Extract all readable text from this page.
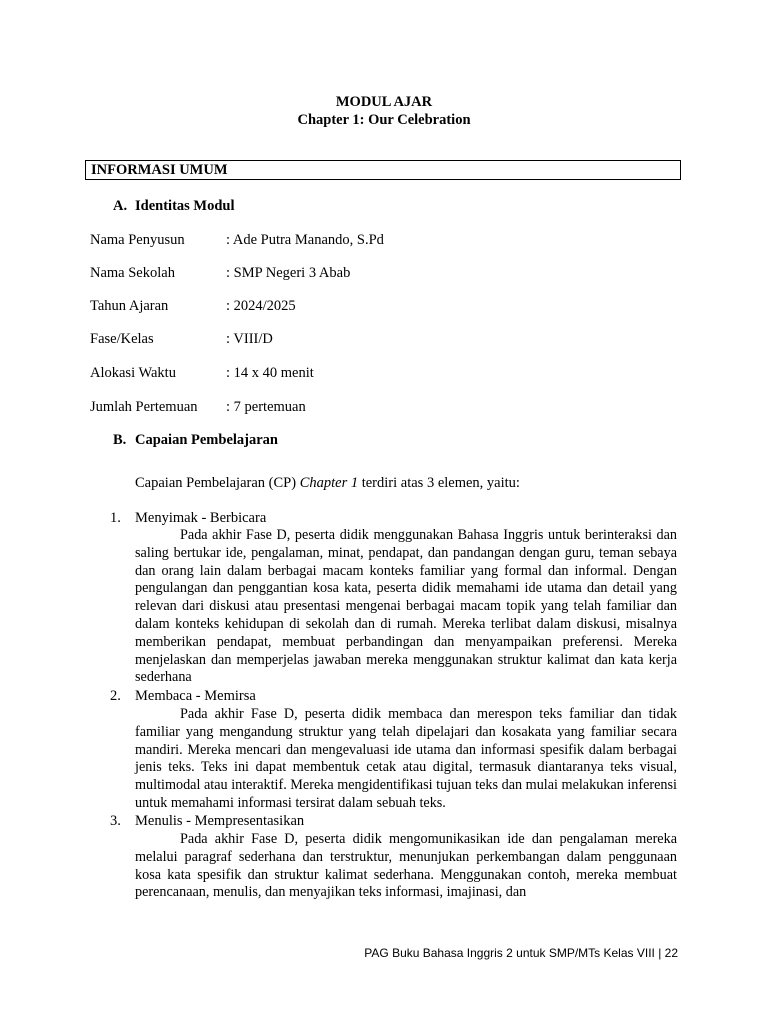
MODUL AJAR
Chapter 1: Our Celebration
INFORMASI UMUM
A. Identitas Modul
Nama Penyusun	: Ade Putra Manando, S.Pd
Nama Sekolah	: SMP Negeri 3 Abab
Tahun Ajaran	: 2024/2025
Fase/Kelas	: VIII/D
Alokasi Waktu	: 14 x 40 menit
Jumlah Pertemuan : 7 pertemuan
B. Capaian Pembelajaran
Capaian Pembelajaran (CP) Chapter 1 terdiri atas 3 elemen, yaitu:
1. Menyimak - Berbicara

Pada akhir Fase D, peserta didik menggunakan Bahasa Inggris untuk berinteraksi dan saling bertukar ide, pengalaman, minat, pendapat, dan pandangan dengan guru, teman sebaya dan orang lain dalam berbagai macam konteks familiar yang formal dan informal. Dengan pengulangan dan penggantian kosa kata, peserta didik memahami ide utama dan detail yang relevan dari diskusi atau presentasi mengenai berbagai macam topik yang telah familiar dan dalam konteks kehidupan di sekolah dan di rumah. Mereka terlibat dalam diskusi, misalnya memberikan pendapat, membuat perbandingan dan menyampaikan preferensi. Mereka menjelaskan dan memperjelas jawaban mereka menggunakan struktur kalimat dan kata kerja sederhana

2. Membaca - Memirsa

Pada akhir Fase D, peserta didik membaca dan merespon teks familiar dan tidak familiar yang mengandung struktur yang telah dipelajari dan kosakata yang familiar secara mandiri. Mereka mencari dan mengevaluasi ide utama dan informasi spesifik dalam berbagai jenis teks. Teks ini dapat membentuk cetak atau digital, termasuk diantaranya teks visual, multimodal atau interaktif. Mereka mengidentifikasi tujuan teks dan mulai melakukan inferensi untuk memahami informasi tersirat dalam sebuah teks.

3. Menulis - Mempresentasikan

Pada akhir Fase D, peserta didik mengomunikasikan ide dan pengalaman mereka melalui paragraf sederhana dan terstruktur, menunjukan perkembangan dalam penggunaan kosa kata spesifik dan struktur kalimat sederhana. Menggunakan contoh, mereka membuat perencanaan, menulis, dan menyajikan teks informasi, imajinasi, dan

PAG Buku Bahasa Inggris 2 untuk SMP/MTs Kelas VIII | 22
